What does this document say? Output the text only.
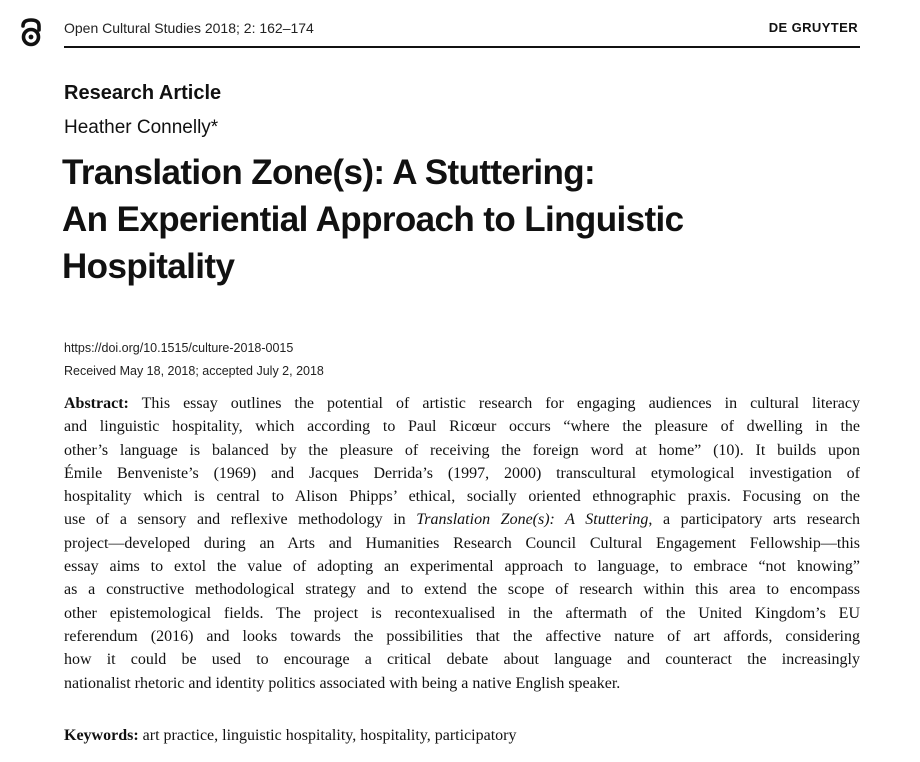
Open Cultural Studies 2018; 2: 162–174	DE GRUYTER
Research Article
Heather Connelly*
Translation Zone(s): A Stuttering:
An Experiential Approach to Linguistic
Hospitality
https://doi.org/10.1515/culture-2018-0015
Received May 18, 2018; accepted July 2, 2018
Abstract: This essay outlines the potential of artistic research for engaging audiences in cultural literacy
and linguistic hospitality, which according to Paul Ricœur occurs “where the pleasure of dwelling in the
other’s language is balanced by the pleasure of receiving the foreign word at home” (10). It builds upon
Émile Benveniste’s (1969) and Jacques Derrida’s (1997, 2000) transcultural etymological investigation of
hospitality which is central to Alison Phipps’ ethical, socially oriented ethnographic praxis. Focusing on the
use of a sensory and reflexive methodology in Translation Zone(s): A Stuttering, a participatory arts research
project—developed during an Arts and Humanities Research Council Cultural Engagement Fellowship—this
essay aims to extol the value of adopting an experimental approach to language, to embrace “not knowing”
as a constructive methodological strategy and to extend the scope of research within this area to encompass
other epistemological fields. The project is recontexualised in the aftermath of the United Kingdom’s EU
referendum (2016) and looks towards the possibilities that the affective nature of art affords, considering
how it could be used to encourage a critical debate about language and counteract the increasingly
nationalist rhetoric and identity politics associated with being a native English speaker.
Keywords: art practice, linguistic hospitality, hospitality, participatory
